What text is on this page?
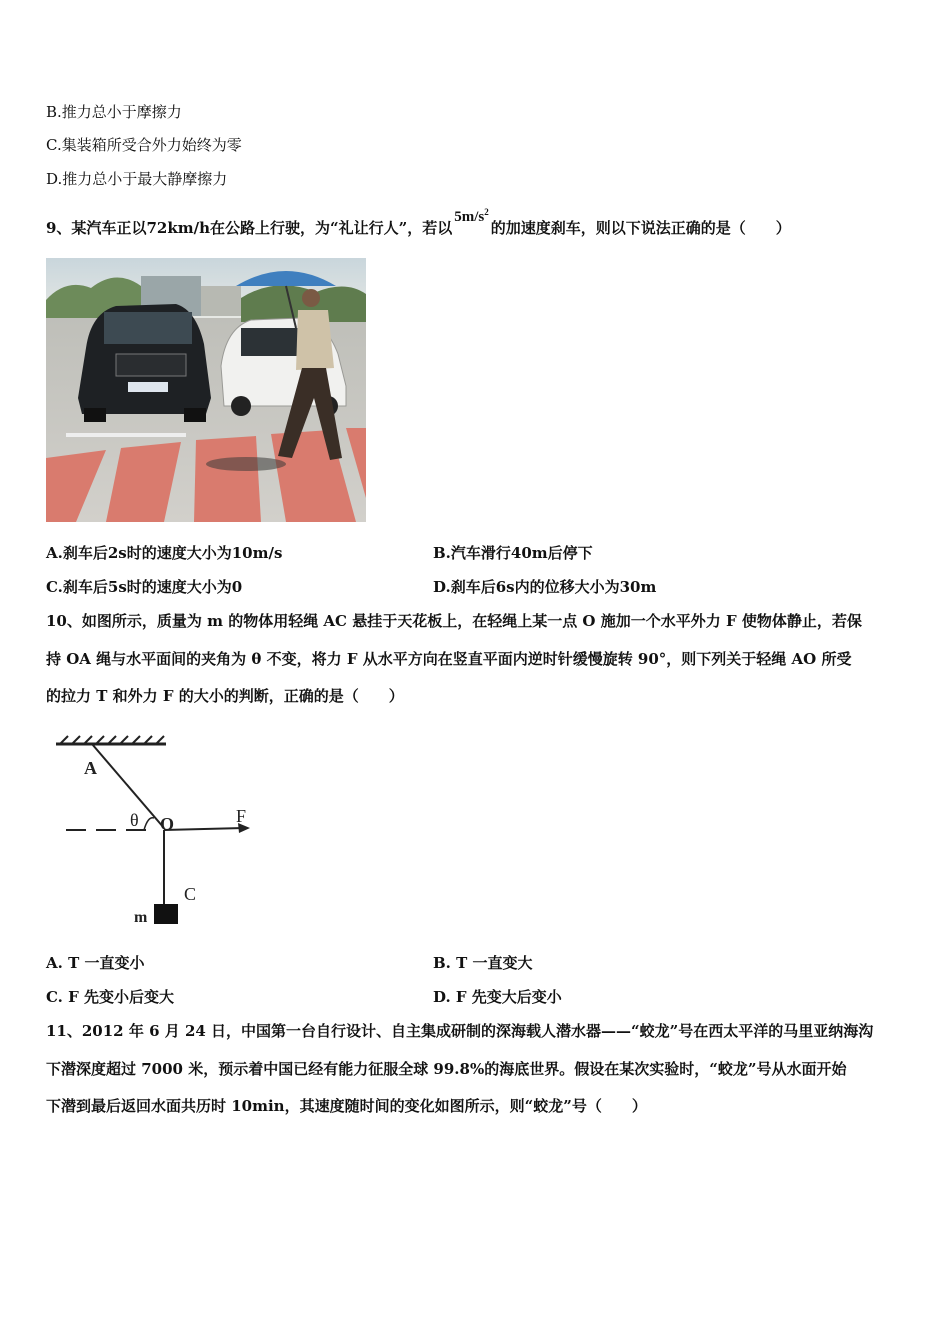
B.推力总小于摩擦力
C.集装箱所受合外力始终为零
D.推力总小于最大静摩擦力
9、某汽车正以72km/h在公路上行驶，为“礼让行人”，若以$5m/s^2$的加速度刹车，则以下说法正确的是（　　）
A.刹车后2s时的速度大小为10m/s	B.汽车滑行40m后停下
C.刹车后5s时的速度大小为0	D.刹车后6s内的位移大小为30m
10、如图所示，质量为 m 的物体用轻绳 AC 悬挂于天花板上，在轻绳上某一点 O 施加一个水平外力 F 使物体静止，若保
持 OA 绳与水平面间的夹角为 θ 不变，将力 F 从水平方向在竖直平面内逆时针缓慢旋转 90°，则下列关于轻绳 AO 所受
的拉力 T 和外力 F 的大小的判断，正确的是（　　）
A
θ O	F
C
m
A. T 一直变小	B. T 一直变大
C. F 先变小后变大	D. F 先变大后变小
11、2012 年 6 月 24 日，中国第一台自行设计、自主集成研制的深海载人潜水器——“蛟龙”号在西太平洋的马里亚纳海沟
下潜深度超过 7000 米，预示着中国已经有能力征服全球 99.8%的海底世界。假设在某次实验时，“蛟龙”号从水面开始
下潜到最后返回水面共历时 10min，其速度随时间的变化如图所示，则“蛟龙”号（　　）
